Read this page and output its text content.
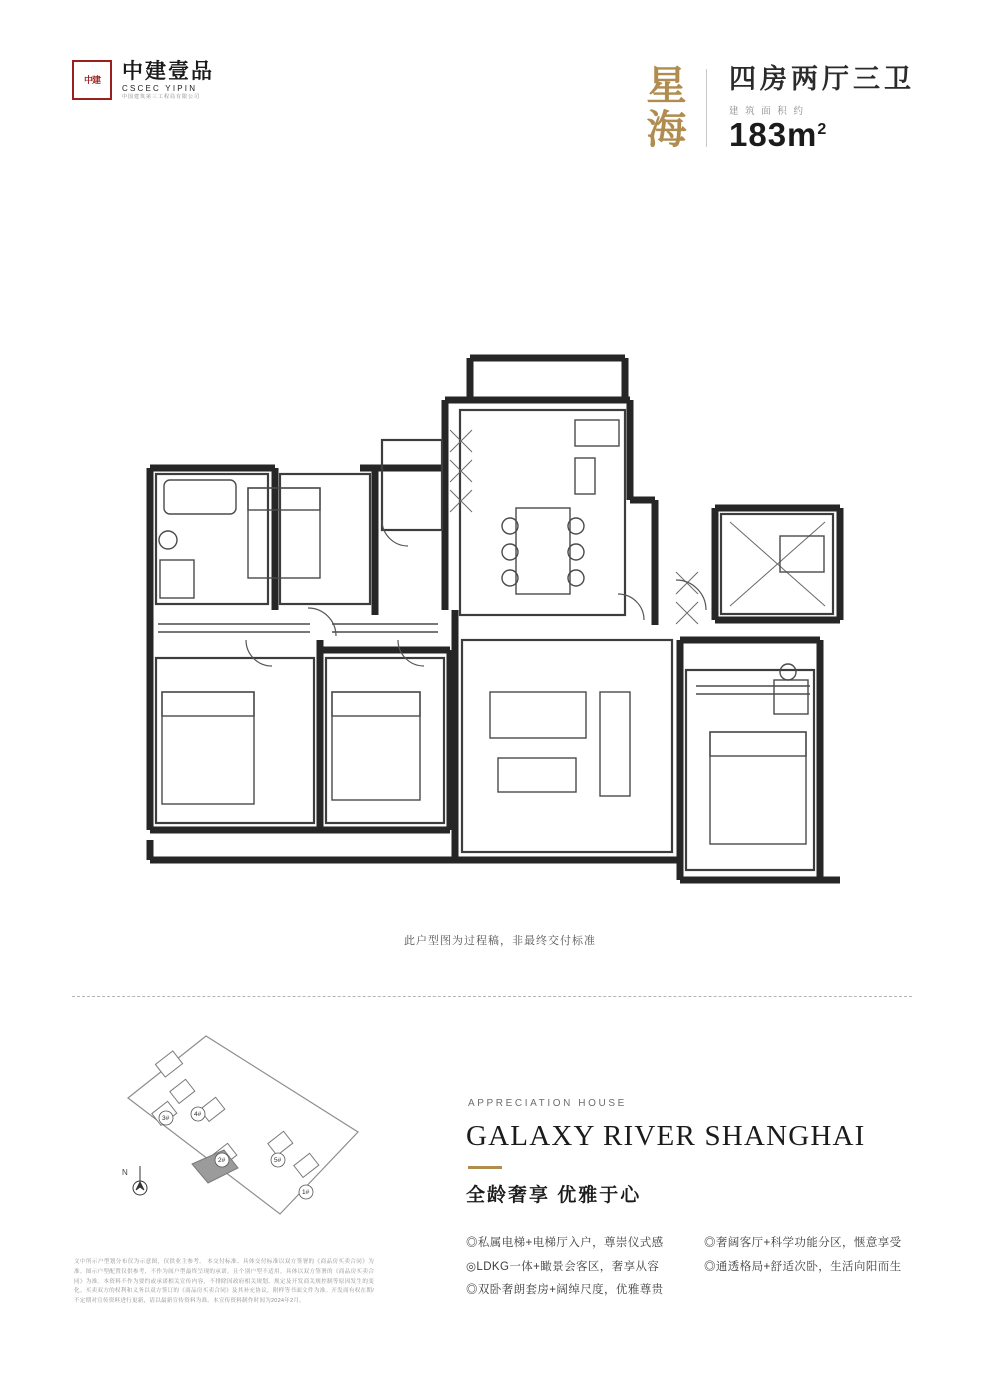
中建 中建壹品
CSCEC YIPIN
中国建筑第三工程局有限公司	星海 四房两厅三卫
建 筑 面 积 约
$183m^2$
此户型图为过程稿，非最终交付标准
3#
4#
2#	5#
1#
N
APPRECIATION HOUSE
GALAXY RIVER SHANGHAI
全龄奢享 优雅于心
◎私属电梯+电梯厅入户，尊崇仪式感	◎奢阔客厅+科学功能分区，惬意享受
◎LDKG一体+瞰景会客区，奢享从容	◎通透格局+舒适次卧，生活向阳而生
◎双卧奢朗套房+阔绰尺度，优雅尊贵
文中所示户型划分布仅为示意图，仅供业主参考。 本交付标准、具体交付标准以双方签署的《商品房买卖合同》为准。图示户型配置仅供参考，不作为间户型最终呈现的承诺。且个别户型不适用，具体以双方签署的《商品房买卖合同》为准。本资料不作为要约或承诺相关宣传内容，不排除因政府相关规划、规定及开发商关规控制等原因发生的变化。买卖双方的权利和义务以双方签订的《商品房买卖合同》及其补充协议，附样等书面文件为准。开发商有权在期/不定期对宣传资料进行更新，请以最新宣传资料为准。本宣传资料制作时间为2024年2月。
